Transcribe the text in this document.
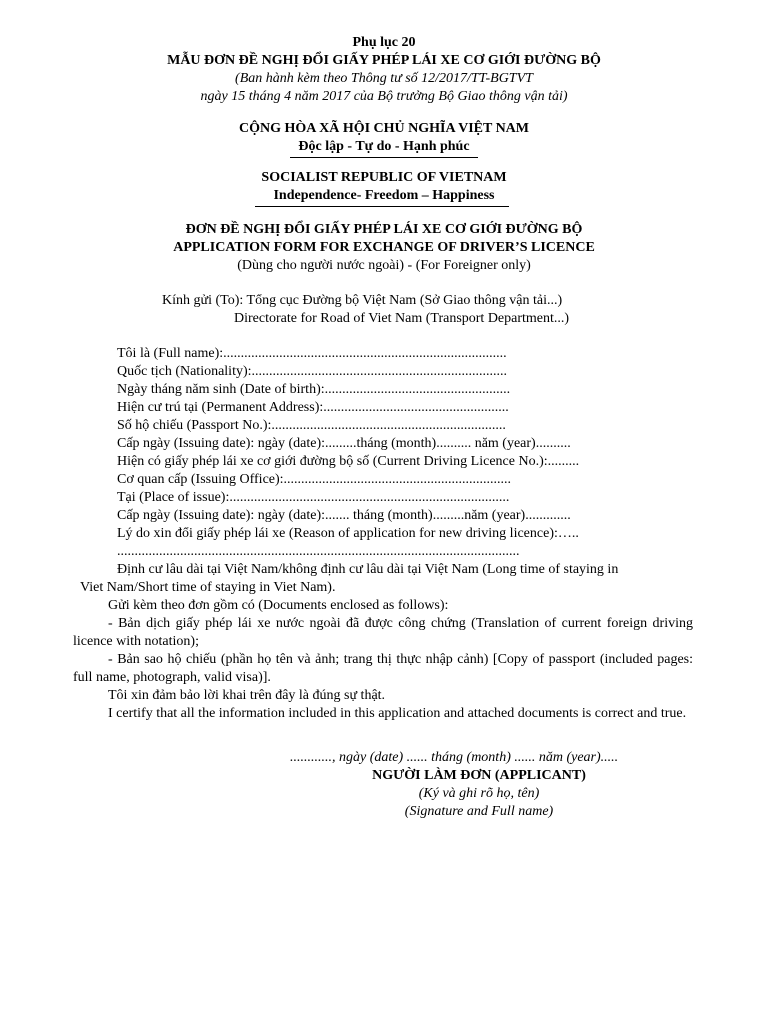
Phụ lục 20
MẪU ĐƠN ĐỀ NGHỊ ĐỔI GIẤY PHÉP LÁI XE CƠ GIỚI ĐƯỜNG BỘ
(Ban hành kèm theo Thông tư số 12/2017/TT-BGTVT
ngày 15 tháng 4 năm 2017 của Bộ trưởng Bộ Giao thông vận tải)
CỘNG HÒA XÃ HỘI CHỦ NGHĨA VIỆT NAM
Độc lập - Tự do - Hạnh phúc
SOCIALIST REPUBLIC OF VIETNAM
Independence- Freedom – Happiness
ĐƠN ĐỀ NGHỊ ĐỔI GIẤY PHÉP LÁI XE CƠ GIỚI ĐƯỜNG BỘ
APPLICATION FORM FOR EXCHANGE OF DRIVER’S LICENCE
(Dùng cho người nước ngoài) - (For Foreigner only)
Kính gửi (To): Tổng cục Đường bộ Việt Nam (Sở Giao thông vận tải...)
Directorate for Road of Viet Nam (Transport Department...)
Tôi là (Full name):.................................................................................
Quốc tịch (Nationality):.........................................................................
Ngày tháng năm sinh (Date of birth):.....................................................
Hiện cư trú tại (Permanent Address):.....................................................
Số hộ chiếu (Passport No.):...................................................................
Cấp ngày (Issuing date): ngày (date):.........tháng (month).......... năm (year)..........
Hiện có giấy phép lái xe cơ giới đường bộ số (Current Driving Licence No.):.........
Cơ quan cấp (Issuing Office):.................................................................
Tại (Place of issue):................................................................................
Cấp ngày (Issuing date): ngày (date):....... tháng (month).........năm (year).............
Lý do xin đổi giấy phép lái xe (Reason of application for new driving licence):…..
...................................................................................................................
Định cư lâu dài tại Việt Nam/không định cư lâu dài tại Việt Nam (Long time of staying in
Viet Nam/Short time of staying in Viet Nam).
Gửi kèm theo đơn gồm có (Documents enclosed as follows):
- Bản dịch giấy phép lái xe nước ngoài đã được công chứng (Translation of current foreign driving licence with notation);
- Bản sao hộ chiếu (phần họ tên và ảnh; trang thị thực nhập cảnh) [Copy of passport (included pages: full name, photograph, valid visa)].
Tôi xin đảm bảo lời khai trên đây là đúng sự thật.
I certify that all the information included in this application and attached documents is correct and true.
............, ngày (date) ...... tháng (month) ...... năm (year).....
NGƯỜI LÀM ĐƠN (APPLICANT)
(Ký và ghi rõ họ, tên)
(Signature and Full name)
